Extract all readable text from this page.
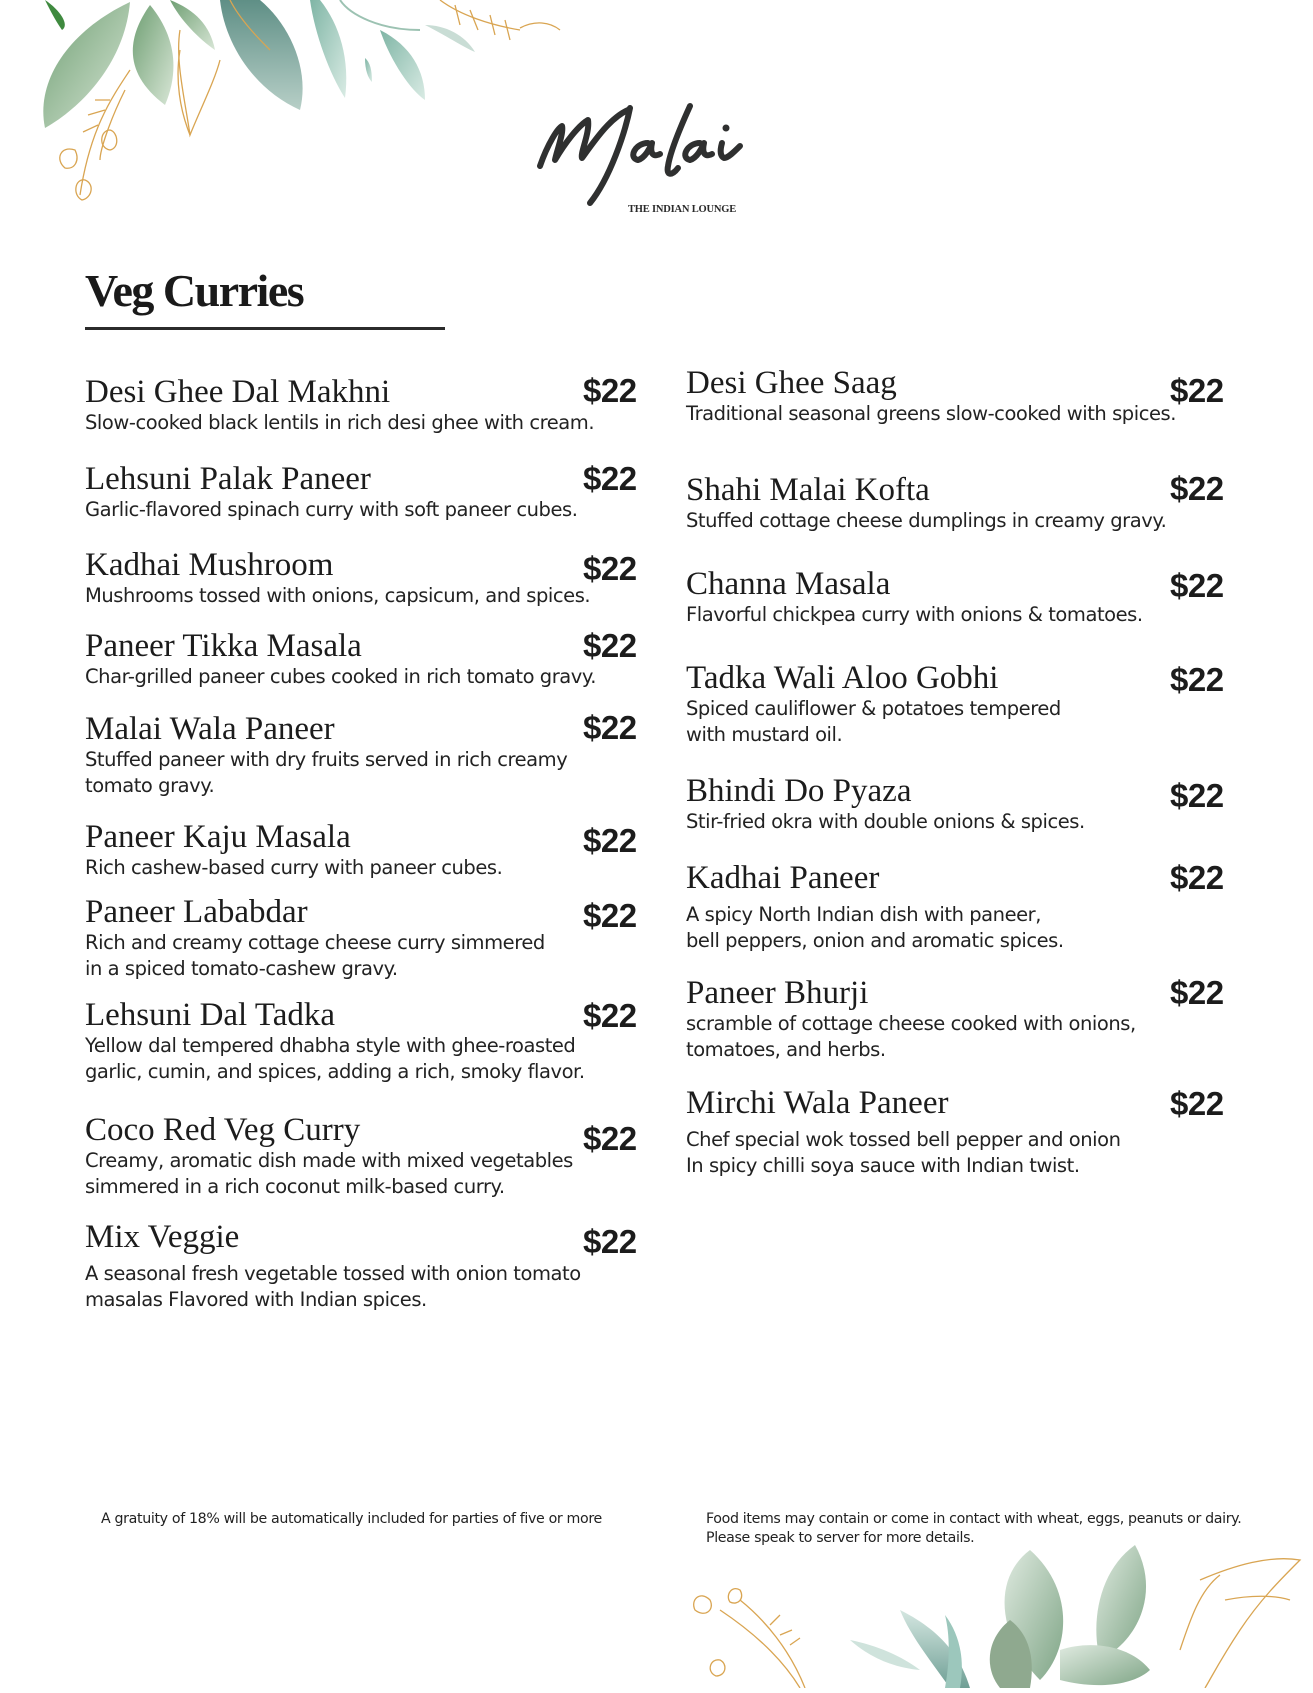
THE INDIAN LOUNGE
Veg Curries
Desi Ghee Dal Makhni
Slow-cooked black lentils in rich desi ghee with cream.
$22
Lehsuni Palak Paneer
Garlic-flavored spinach curry with soft paneer cubes.
$22
Kadhai Mushroom
Mushrooms tossed with onions, capsicum, and spices.
$22
Paneer Tikka Masala
Char-grilled paneer cubes cooked in rich tomato gravy.
$22
Malai Wala Paneer
Stuffed paneer with dry fruits served in rich creamy
tomato gravy.
$22
Paneer Kaju Masala
Rich cashew-based curry with paneer cubes.
$22
Paneer Lababdar
Rich and creamy cottage cheese curry simmered
in a spiced tomato-cashew gravy.
$22
Lehsuni Dal Tadka
Yellow dal tempered dhabha style with ghee-roasted
garlic, cumin, and spices, adding a rich, smoky flavor.
$22
Coco Red Veg Curry
Creamy, aromatic dish made with mixed vegetables
simmered in a rich coconut milk-based curry.
$22
Mix Veggie
A seasonal fresh vegetable tossed with onion tomato
masalas Flavored with Indian spices.
$22
Desi Ghee Saag
Traditional seasonal greens slow-cooked with spices.
$22
Shahi Malai Kofta
Stuffed cottage cheese dumplings in creamy gravy.
$22
Channa Masala
Flavorful chickpea curry with onions & tomatoes.
$22
Tadka Wali Aloo Gobhi
Spiced cauliflower & potatoes tempered
with mustard oil.
$22
Bhindi Do Pyaza
Stir-fried okra with double onions & spices.
$22
Kadhai Paneer
A spicy North Indian dish with paneer,
bell peppers, onion and aromatic spices.
$22
Paneer Bhurji
scramble of cottage cheese cooked with onions,
tomatoes, and herbs.
$22
Mirchi Wala Paneer
Chef special wok tossed bell pepper and onion
In spicy chilli soya sauce with Indian twist.
$22
A gratuity of 18% will be automatically included for parties of five or more	Food items may contain or come in contact with wheat, eggs, peanuts or dairy.
Please speak to server for more details.
